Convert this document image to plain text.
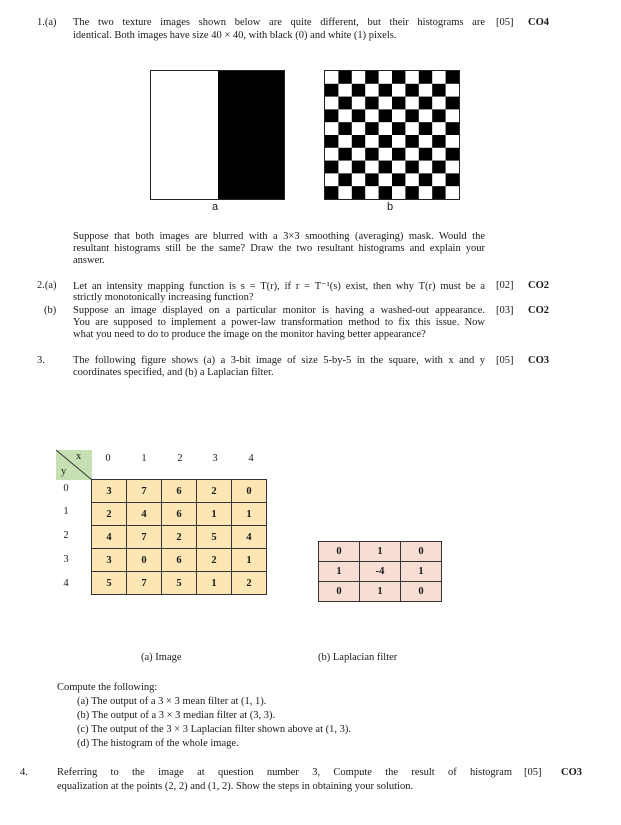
1.(a) The two texture images shown below are quite different, but their histograms are
identical. Both images have size 40 × 40, with black (0) and white (1) pixels.
[05] CO4
a	b
Suppose that both images are blurred with a 3×3 smoothing (averaging) mask. Would the
resultant histograms still be the same? Draw the two resultant histograms and explain your
answer.
2.(a) Let an intensity mapping function is s = T(r), if r = T⁻¹(s) exist, then why T(r) must be a
strictly monotonically increasing function?
[02] CO2
(b) Suppose an image displayed on a particular monitor is having a washed-out appearance.
You are supposed to implement a power-law transformation method to fix this issue. Now
what you need to do to produce the image on the monitor having better appearance?
[03] CO2
3.	The following figure shows (a) a 3-bit image of size 5-by-5 in the square, with x and y
coordinates specified, and (b) a Laplacian filter.
[05] CO3
x
y
0	1	2	3	4
0
1
2
3
4
3	7	6	2	0
2	4	6	1	1
4	7	2	5	4
3	0	6	2	1
5	7	5	1	2
0	1	0
1	-4	1
0	1	0
(a) Image	(b) Laplacian filter
Compute the following:
(a) The output of a 3 × 3 mean filter at (1, 1).
(b) The output of a 3 × 3 median filter at (3, 3).
(c) The output of the 3 × 3 Laplacian filter shown above at (1, 3).
(d) The histogram of the whole image.
4.	Referring to the image at question number 3, Compute the result of histogram
equalization at the points (2, 2) and (1, 2). Show the steps in obtaining your solution.
[05] CO3
